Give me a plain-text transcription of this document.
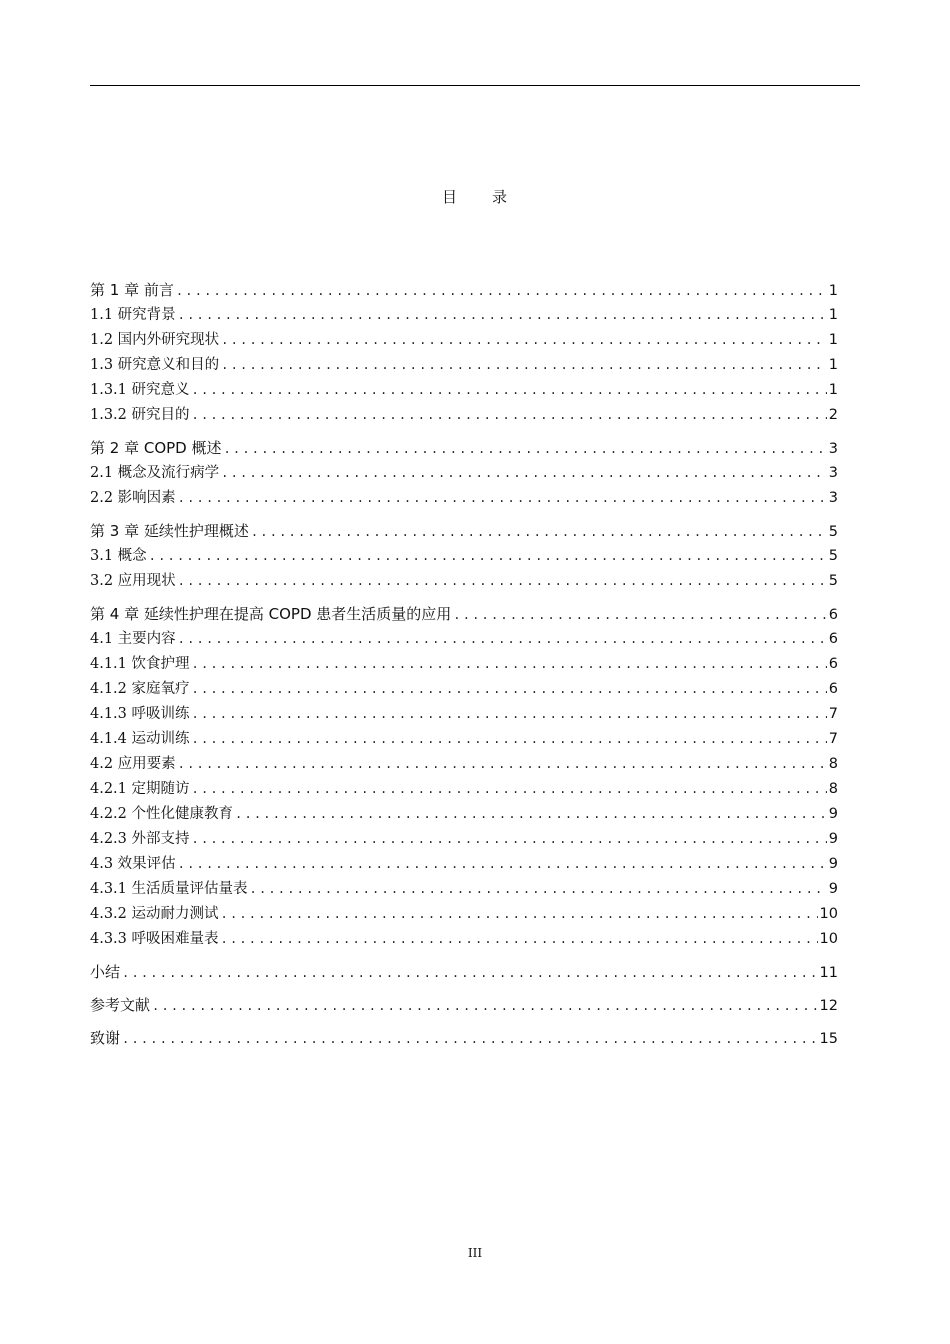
目 录
第 1 章 前言 .....	1
1.1 研究背景 .....	1
1.2 国内外研究现状 .....	1
1.3 研究意义和目的 .....	1
1.3.1 研究意义 .....	1
1.3.2 研究目的 .....	2
第 2 章 COPD 概述 .....	3
2.1 概念及流行病学 .....	3
2.2 影响因素 .....	3
第 3 章 延续性护理概述 .....	5
3.1 概念 .....	5
3.2 应用现状 .....	5
第 4 章 延续性护理在提高 COPD 患者生活质量的应用 .....	6
4.1 主要内容 .....	6
4.1.1 饮食护理 .....	6
4.1.2 家庭氧疗 .....	6
4.1.3 呼吸训练 .....	7
4.1.4 运动训练 .....	7
4.2 应用要素 .....	8
4.2.1 定期随访 .....	8
4.2.2 个性化健康教育 .....	9
4.2.3 外部支持 .....	9
4.3 效果评估 .....	9
4.3.1 生活质量评估量表 .....	9
4.3.2 运动耐力测试 .....	10
4.3.3 呼吸困难量表 .....	10
小结 .....	11
参考文献 .....	12
致谢 .....	15
III
